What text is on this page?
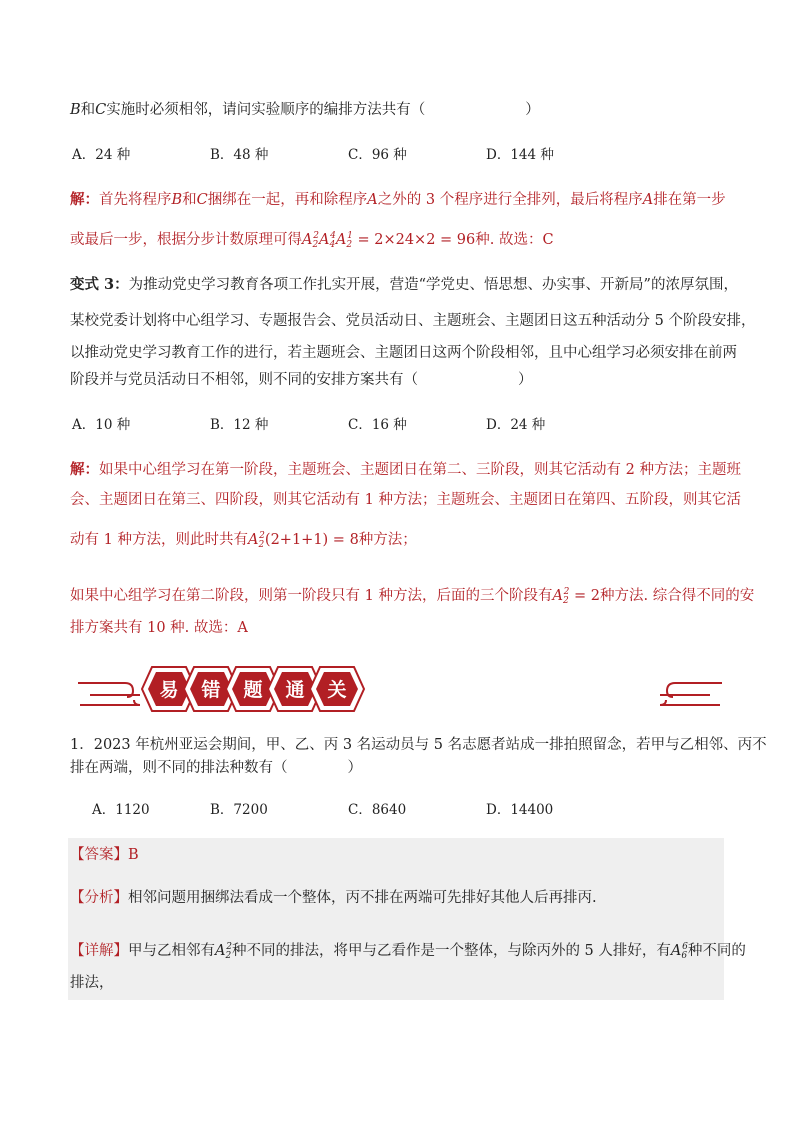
B和C实施时必须相邻，请问实验顺序的编排方法共有（	）
A．24 种	B．48 种	C．96 种	D．144 种
解：首先将程序B和C捆绑在一起，再和除程序A之外的 3 个程序进行全排列，最后将程序A排在第一步
或最后一步，根据分步计数原理可得$A_2^2A_4^4A_2^1 = 2\times 24\times 2 = 96$种. 故选：C
变式 3：为推动党史学习教育各项工作扎实开展，营造“学党史、悟思想、办实事、开新局”的浓厚氛围，
某校党委计划将中心组学习、专题报告会、党员活动日、主题班会、主题团日这五种活动分 5 个阶段安排，
以推动党史学习教育工作的进行，若主题班会、主题团日这两个阶段相邻，且中心组学习必须安排在前两
阶段并与党员活动日不相邻，则不同的安排方案共有（	）
A．10 种	B．12 种	C．16 种	D．24 种
解：如果中心组学习在第一阶段，主题班会、主题团日在第二、三阶段，则其它活动有 2 种方法；主题班
会、主题团日在第三、四阶段，则其它活动有 1 种方法；主题班会、主题团日在第四、五阶段，则其它活
动有 1 种方法，则此时共有$A_2^2(2+1+1) = 8$种方法；
如果中心组学习在第二阶段，则第一阶段只有 1 种方法，后面的三个阶段有$A_2^2 = 2$种方法. 综合得不同的安
排方案共有 10 种. 故选：A
易 错 题 通 关
1．2023 年杭州亚运会期间，甲、乙、丙 3 名运动员与 5 名志愿者站成一排拍照留念，若甲与乙相邻、丙不
排在两端，则不同的排法种数有（	）
A．1120	B．7200	C．8640	D．14400
【答案】B
【分析】相邻问题用捆绑法看成一个整体，丙不排在两端可先排好其他人后再排丙.
【详解】甲与乙相邻有$A_2^2$种不同的排法，将甲与乙看作是一个整体，与除丙外的 5 人排好，有$A_6^6$种不同的
排法，
